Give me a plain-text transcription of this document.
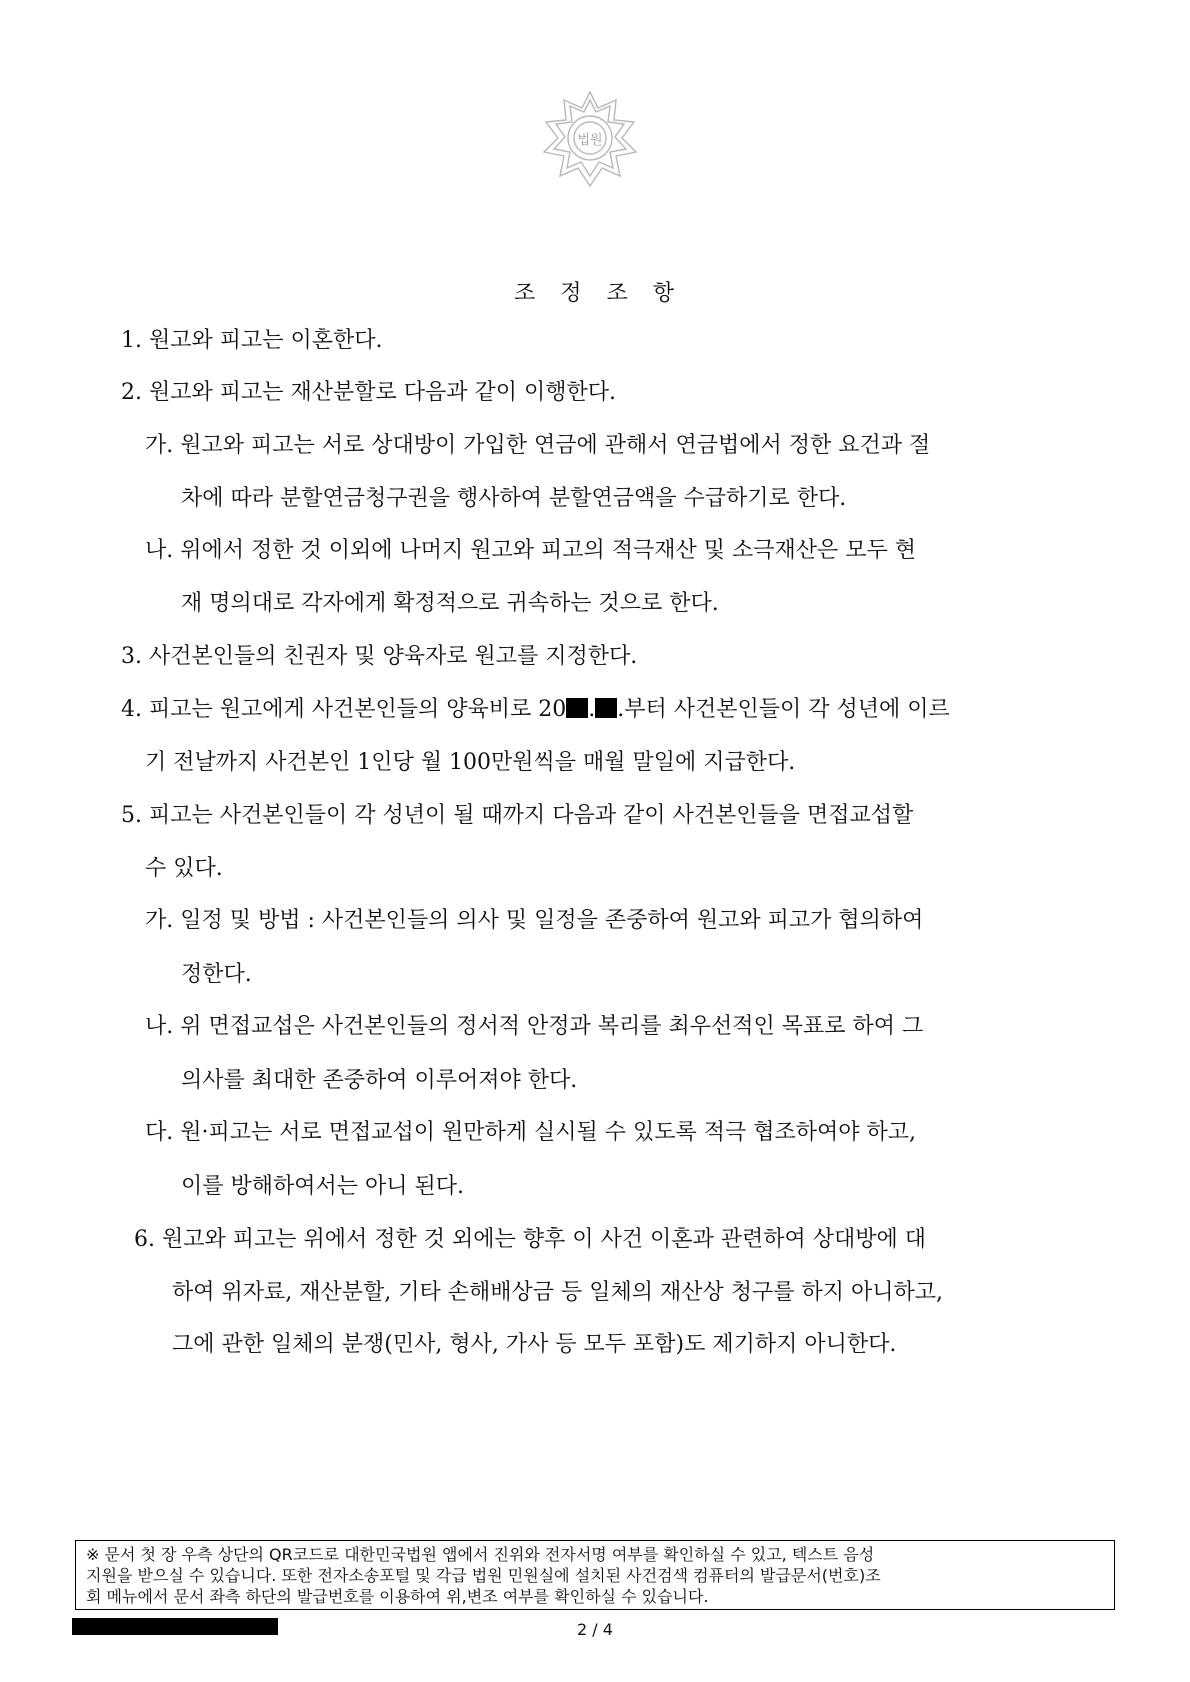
법원
조 정 조 항
1. 원고와 피고는 이혼한다.
2. 원고와 피고는 재산분할로 다음과 같이 이행한다.
가. 원고와 피고는 서로 상대방이 가입한 연금에 관해서 연금법에서 정한 요건과 절
차에 따라 분할연금청구권을 행사하여 분할연금액을 수급하기로 한다.
나. 위에서 정한 것 이외에 나머지 원고와 피고의 적극재산 및 소극재산은 모두 현
재 명의대로 각자에게 확정적으로 귀속하는 것으로 한다.
3. 사건본인들의 친권자 및 양육자로 원고를 지정한다.
4. 피고는 원고에게 사건본인들의 양육비로 20 . .부터 사건본인들이 각 성년에 이르
기 전날까지 사건본인 1인당 월 100만원씩을 매월 말일에 지급한다.
5. 피고는 사건본인들이 각 성년이 될 때까지 다음과 같이 사건본인들을 면접교섭할
수 있다.
가. 일정 및 방법 : 사건본인들의 의사 및 일정을 존중하여 원고와 피고가 협의하여
정한다.
나. 위 면접교섭은 사건본인들의 정서적 안정과 복리를 최우선적인 목표로 하여 그
의사를 최대한 존중하여 이루어져야 한다.
다. 원·피고는 서로 면접교섭이 원만하게 실시될 수 있도록 적극 협조하여야 하고,
이를 방해하여서는 아니 된다.
6. 원고와 피고는 위에서 정한 것 외에는 향후 이 사건 이혼과 관련하여 상대방에 대
하여 위자료, 재산분할, 기타 손해배상금 등 일체의 재산상 청구를 하지 아니하고,
그에 관한 일체의 분쟁(민사, 형사, 가사 등 모두 포함)도 제기하지 아니한다.
※ 문서 첫 장 우측 상단의 QR코드로 대한민국법원 앱에서 진위와 전자서명 여부를 확인하실 수 있고, 텍스트 음성
지원을 받으실 수 있습니다. 또한 전자소송포털 및 각급 법원 민원실에 설치된 사건검색 컴퓨터의 발급문서(번호)조
회 메뉴에서 문서 좌측 하단의 발급번호를 이용하여 위,변조 여부를 확인하실 수 있습니다.
2 / 4
